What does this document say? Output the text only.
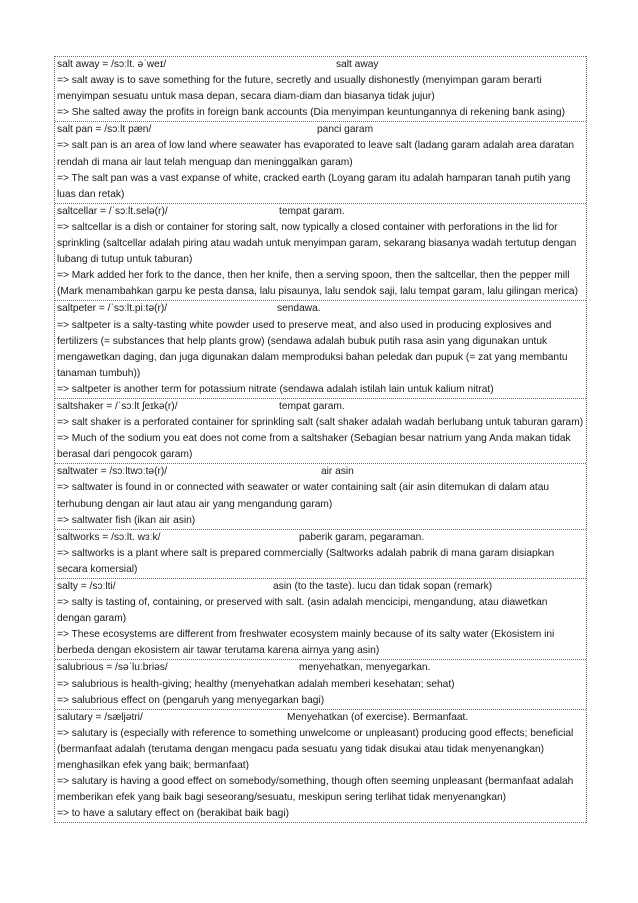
salt away = /sɔːlt. əˈweɪ/	salt away

=> salt away is to save something for the future, secretly and usually dishonestly (menyimpan garam berarti menyimpan sesuatu untuk masa depan, secara diam-diam dan biasanya tidak jujur)

=> She salted away the profits in foreign bank accounts (Dia menyimpan keuntungannya di rekening bank asing)

salt pan = /sɔːlt pæn/	panci garam

=> salt pan is an area of low land where seawater has evaporated to leave salt (ladang garam adalah area daratan rendah di mana air laut telah menguap dan meninggalkan garam)

=> The salt pan was a vast expanse of white, cracked earth (Loyang garam itu adalah hamparan tanah putih yang luas dan retak)

saltcellar = /ˈsɔːlt.selə(r)/	tempat garam.

=> saltcellar is a dish or container for storing salt, now typically a closed container with perforations in the lid for sprinkling (saltcellar adalah piring atau wadah untuk menyimpan garam, sekarang biasanya wadah tertutup dengan lubang di tutup untuk taburan)

=> Mark added her fork to the dance, then her knife, then a serving spoon, then the saltcellar, then the pepper mill (Mark menambahkan garpu ke pesta dansa, lalu pisaunya, lalu sendok saji, lalu tempat garam, lalu gilingan merica)

saltpeter = /ˈsɔːlt.piːtə(r)/	sendawa.

=> saltpeter is a salty-tasting white powder used to preserve meat, and also used in producing explosives and fertilizers (= substances that help plants grow) (sendawa adalah bubuk putih rasa asin yang digunakan untuk mengawetkan daging, dan juga digunakan dalam memproduksi bahan peledak dan pupuk (= zat yang membantu tanaman tumbuh))

=> saltpeter is another term for potassium nitrate (sendawa adalah istilah lain untuk kalium nitrat)

saltshaker = /ˈsɔːlt ʃeɪkə(r)/	tempat garam.

=> salt shaker is a perforated container for sprinkling salt (salt shaker adalah wadah berlubang untuk taburan garam)

=> Much of the sodium you eat does not come from a saltshaker (Sebagian besar natrium yang Anda makan tidak berasal dari pengocok garam)

saltwater = /sɔːltwɔːtə(r)/	air asin

=> saltwater is found in or connected with seawater or water containing salt (air asin ditemukan di dalam atau terhubung dengan air laut atau air yang mengandung garam)

=> saltwater fish (ikan air asin)

saltworks = /sɔːlt. wɜːk/	paberik garam, pegaraman.

=> saltworks is a plant where salt is prepared commercially (Saltworks adalah pabrik di mana garam disiapkan secara komersial)

salty = /sɔːlti/	asin (to the taste). lucu dan tidak sopan (remark)

=> salty is tasting of, containing, or preserved with salt. (asin adalah mencicipi, mengandung, atau diawetkan dengan garam)

=> These ecosystems are different from freshwater ecosystem mainly because of its salty water (Ekosistem ini berbeda dengan ekosistem air tawar terutama karena airnya yang asin)

salubrious = /səˈluːbriəs/	menyehatkan, menyegarkan.

=> salubrious is health-giving; healthy (menyehatkan adalah memberi kesehatan; sehat)

=> salubrious effect on (pengaruh yang menyegarkan bagi)

salutary = /sæljətri/	Menyehatkan (of exercise). Bermanfaat.

=> salutary is (especially with reference to something unwelcome or unpleasant) producing good effects; beneficial (bermanfaat adalah (terutama dengan mengacu pada sesuatu yang tidak disukai atau tidak menyenangkan) menghasilkan efek yang baik; bermanfaat)

=> salutary is having a good effect on somebody/something, though often seeming unpleasant (bermanfaat adalah memberikan efek yang baik bagi seseorang/sesuatu, meskipun sering terlihat tidak menyenangkan)

=> to have a salutary effect on (berakibat baik bagi)
